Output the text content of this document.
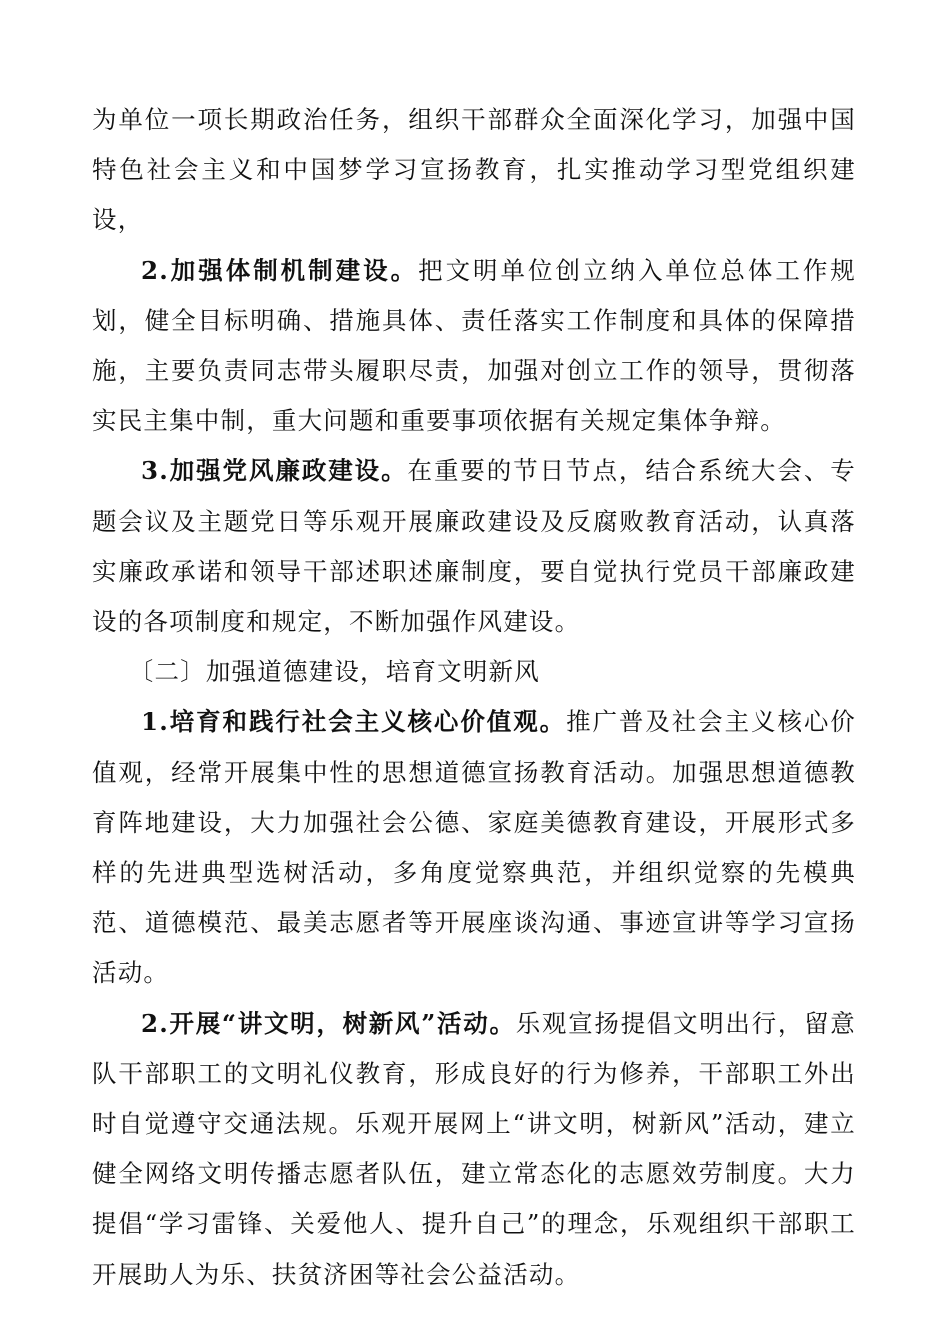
为单位一项长期政治任务，组织干部群众全面深化学习，加强中国特色社会主义和中国梦学习宣扬教育，扎实推动学习型党组织建设，

2.加强体制机制建设。把文明单位创立纳入单位总体工作规划，健全目标明确、措施具体、责任落实工作制度和具体的保障措施，主要负责同志带头履职尽责，加强对创立工作的领导，贯彻落实民主集中制，重大问题和重要事项依据有关规定集体争辩。

3.加强党风廉政建设。在重要的节日节点，结合系统大会、专题会议及主题党日等乐观开展廉政建设及反腐败教育活动，认真落实廉政承诺和领导干部述职述廉制度，要自觉执行党员干部廉政建设的各项制度和规定，不断加强作风建设。

〔二〕加强道德建设，培育文明新风

1.培育和践行社会主义核心价值观。推广普及社会主义核心价值观，经常开展集中性的思想道德宣扬教育活动。加强思想道德教育阵地建设，大力加强社会公德、家庭美德教育建设，开展形式多样的先进典型选树活动，多角度觉察典范，并组织觉察的先模典范、道德模范、最美志愿者等开展座谈沟通、事迹宣讲等学习宣扬活动。

2.开展“讲文明，树新风”活动。乐观宣扬提倡文明出行，留意队干部职工的文明礼仪教育，形成良好的行为修养，干部职工外出时自觉遵守交通法规。乐观开展网上“讲文明，树新风”活动，建立健全网络文明传播志愿者队伍，建立常态化的志愿效劳制度。大力提倡“学习雷锋、关爱他人、提升自己”的理念，乐观组织干部职工开展助人为乐、扶贫济困等社会公益活动。
